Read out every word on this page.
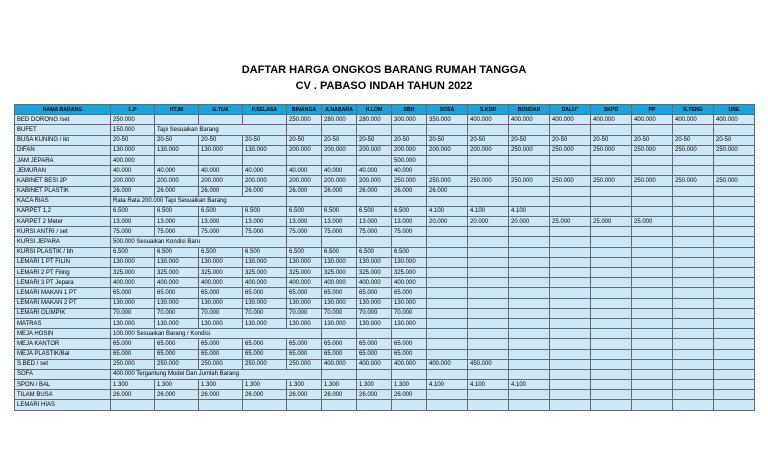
DAFTAR HARGA ONGKOS BARANG RUMAH TANGGA
CV . PABASO INDAH TAHUN 2022
NAMA BARANG	L.P	HT.IM	G.TUA	P.SELASA	BINANGA	A.NABARA	H.LOM	SBH	SOSA	S.KDR	BONDAR	DALU"	SKPD	PP	K.TENG	UBE
BED DORONG /set	250.000				250.000	280.000	280.000	300.000	350.000	400.000	400.000	400.000	400.000	400.000	400.000	400.000
BUFET	150.000	Tapi Sesuaikan Barang														
BUSA KUNING / ikt	20-50	20-50	20-50	20-50	20-50	20-50	20-50	20-50	20-50	20-50	20-50	20-50	20-50	20-50	20-50	20-50
DIFAN	130.000	130.000	130.000	130.000	200.000	200.000	200.000	200.000	200.000	200.000	250.000	250.000	250.000	250.000	250.000	250.000
JAM JEPARA	400.000							500.000								
JEMURAN	40.000	40.000	40.000	40.000	40.000	40.000	40.000	40.000								
KABINET BESI 2P	200.000	200.000	200.000	200.000	200.000	200.000	200.000	250.000	250.000	250.000	250.000	250.000	250.000	250.000	250.000	250.000
KABINET PLASTIK	26.000	26.000	26.000	26.000	26.000	26.000	26.000	26.000	26.000							
KACA RIAS	Rata Rata 200.000 Tapi Sesuaikan Barang															
KARPET 1,2	6.500	6.500	6.500	6.500	6.500	6.500	6.500	6.500	4.100	4.100	4.100					
KARPET 2 Meter	13.000	13.000	13.000	13.000	13.000	13.000	13.000	13.000	20.000	20.000	20.000	25.000	25.000	25.000		
KURSI ANTRI / set	75.000	75.000	75.000	75.000	75.000	75.000	75.000	75.000								
KURSI JEPARA	500.000 Sesuaikan Kondisi Baru															
KURSI PLASTIK / bh	6.500	6.500	6.500	6.500	6.500	6.500	6.500	6.500								
LEMARI 1 PT FILIN	130.000	130.000	130.000	130.000	130.000	130.000	130.000	130.000								
LEMARI 2 PT Filing	325.000	325.000	325.000	325.000	325.000	325.000	325.000	325.000								
LEMARI 3 PT Jepara	400.000	400.000	400.000	400.000	400.000	400.000	400.000	400.000								
LEMARI MAKAN 1 PT	65.000	65.000	65.000	65.000	65.000	65.000	65.000	65.000								
LEMARI MAKAN 2 PT	130.000	130.000	130.000	130.000	130.000	130.000	130.000	130.000								
LEMARI OLIMPIK	70.000	70.000	70.000	70.000	70.000	70.000	70.000	70.000								
MATRAS	130.000	130.000	130.000	130.000	130.000	130.000	130.000	130.000								
MEJA HOSIN	100.000 Sesuaikan Barang / Kondisi															
MEJA KANTOR	65.000	65.000	65.000	65.000	65.000	65.000	65.000	65.000								
MEJA PLASTIK/Bal	65.000	65.000	65.000	65.000	65.000	65.000	65.000	65.000								
S.BED / set	250.000	250.000	250.000	250.000	250.000	400.000	400.000	400.000	400.000	450.000						
SOFA	400.000 Tergantung Model Dan Jumlah Barang															
SPON / BAL	1.300	1.300	1.300	1.300	1.300	1.300	1.300	1.300	4.100	4.100	4.100					
TILAM BUSA	26.000	26.000	26.000	26.000	26.000	26.000	26.000	26.000								
LEMARI HIAS																
